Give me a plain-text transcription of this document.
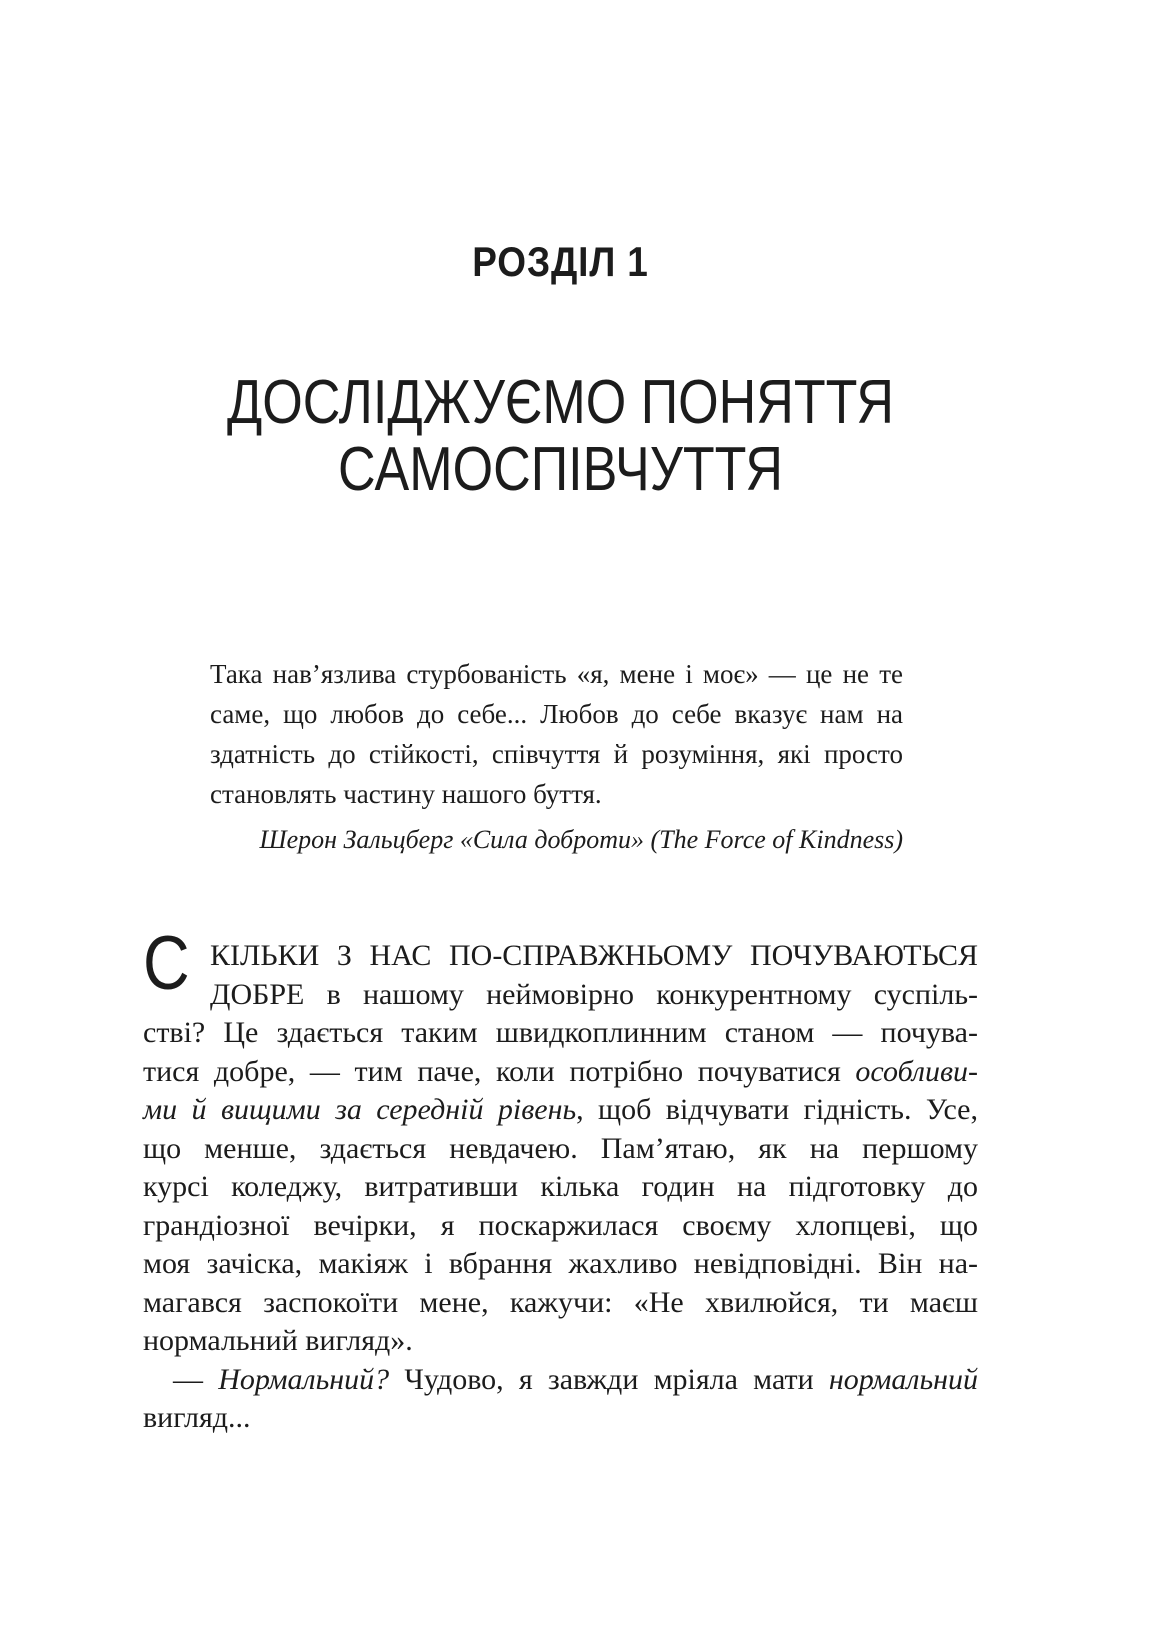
РОЗДІЛ 1
ДОСЛІДЖУЄМО ПОНЯТТЯ
САМОСПІВЧУТТЯ
Така нав’язлива стурбованість «я, мене і моє» — це не те
саме, що любов до себе... Любов до себе вказує нам на
здатність до стійкості, співчуття й розуміння, які просто
становлять частину нашого буття.
Шерон Зальцберг «Сила доброти» (The Force of Kindness)
С КІЛЬКИ З НАС ПО-СПРАВЖНЬОМУ ПОЧУВАЮТЬСЯ
ДОБРЕ в нашому неймовірно конкурентному суспіль-
стві? Це здається таким швидкоплинним станом — почува-
тися добре, — тим паче, коли потрібно почуватися особливи-
ми й вищими за середній рівень, щоб відчувати гідність. Усе,
що менше, здається невдачею. Пам’ятаю, як на першому
курсі коледжу, витративши кілька годин на підготовку до
грандіозної вечірки, я поскаржилася своєму хлопцеві, що
моя зачіска, макіяж і вбрання жахливо невідповідні. Він на-
магався заспокоїти мене, кажучи: «Не хвилюйся, ти маєш
нормальний вигляд».
— Нормальний? Чудово, я завжди мріяла мати нормальний
вигляд...
